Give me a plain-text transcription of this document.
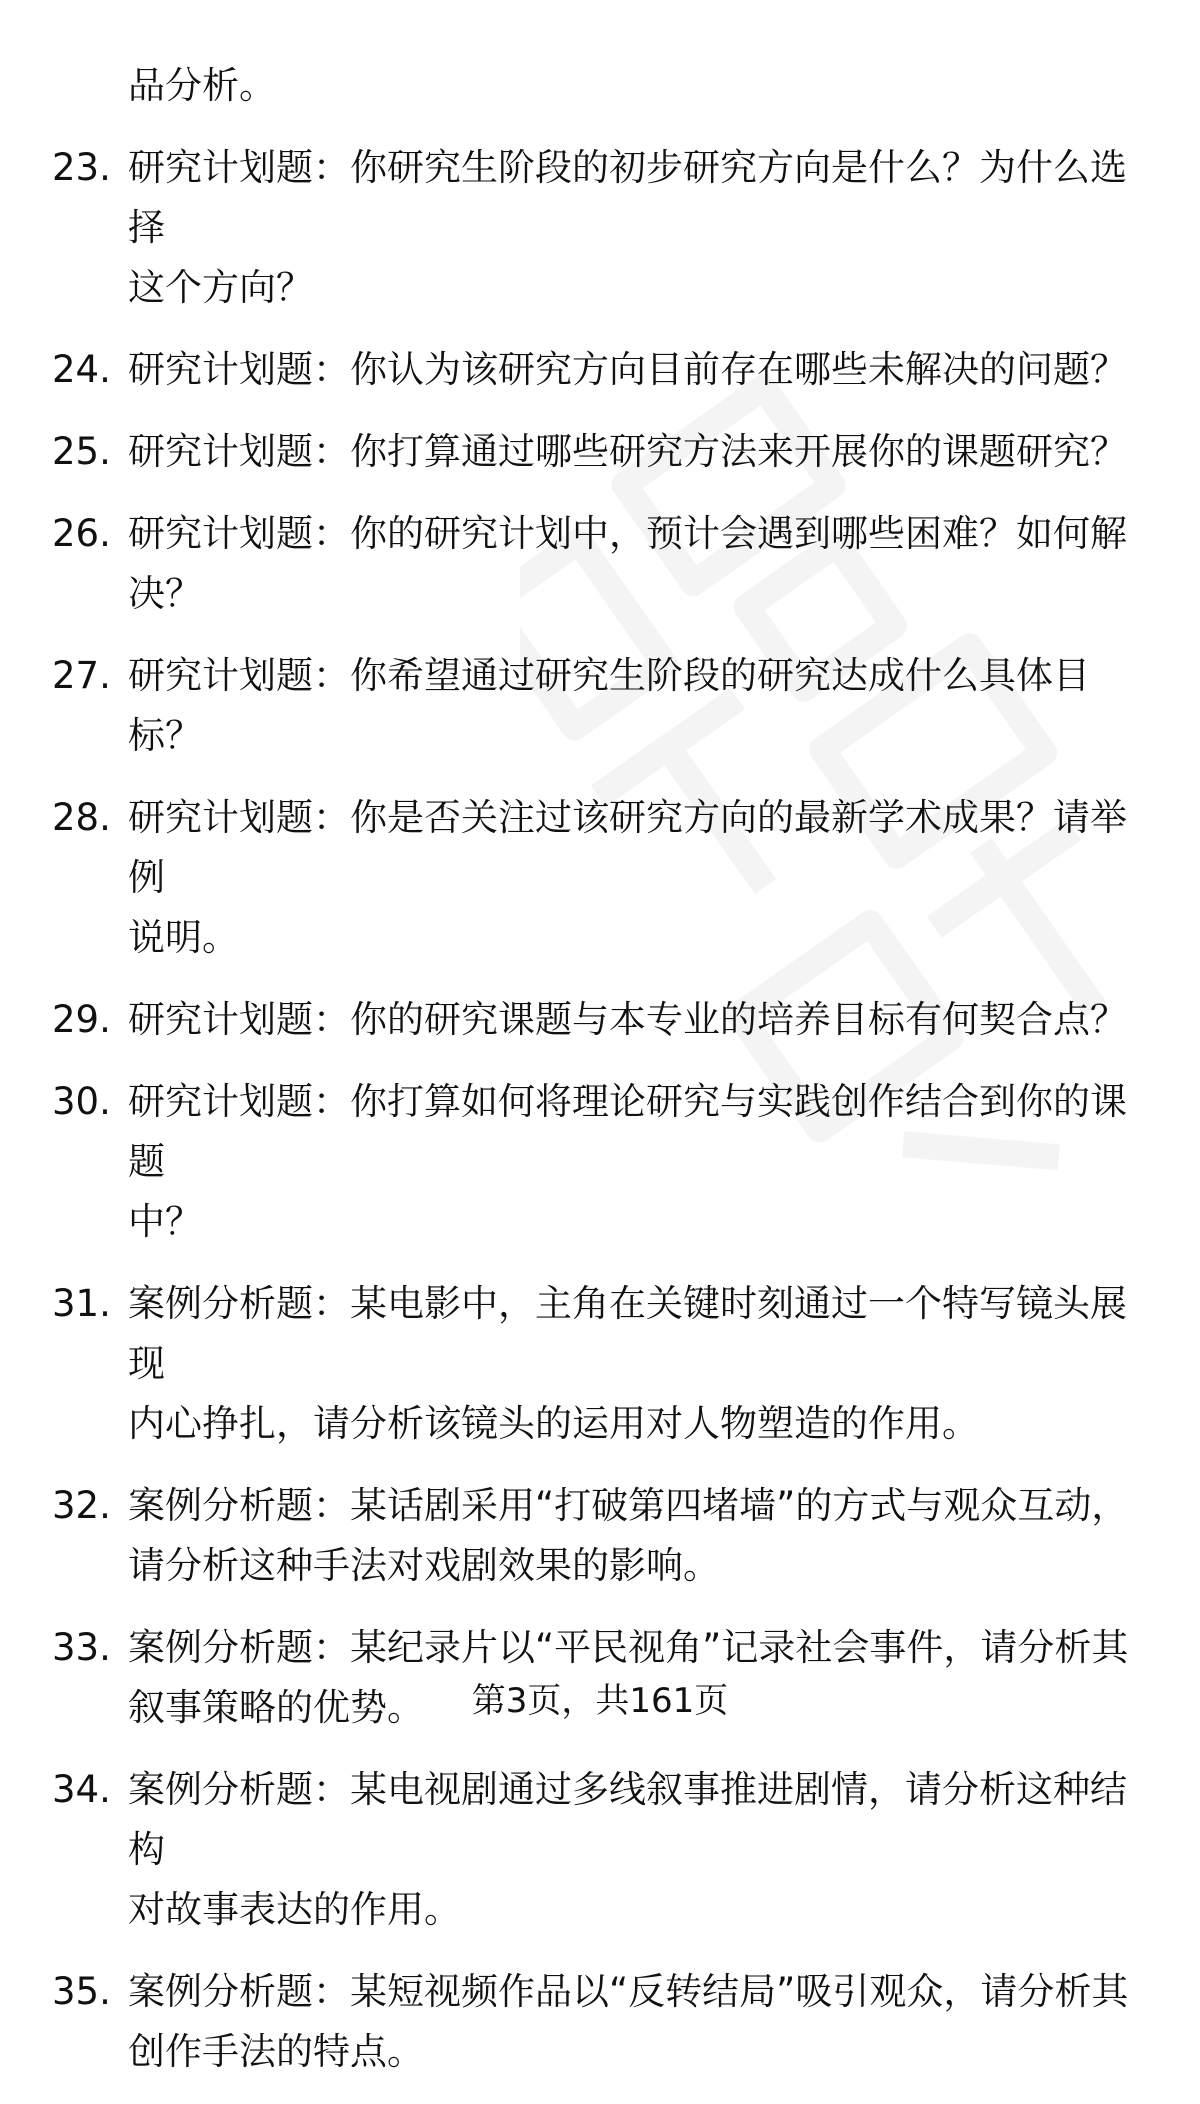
品分析。
23. 研究计划题：你研究生阶段的初步研究方向是什么？为什么选择
这个方向？
24. 研究计划题：你认为该研究方向目前存在哪些未解决的问题？
25. 研究计划题：你打算通过哪些研究方法来开展你的课题研究？
26. 研究计划题：你的研究计划中，预计会遇到哪些困难？如何解
决？
27. 研究计划题：你希望通过研究生阶段的研究达成什么具体目标？
28. 研究计划题：你是否关注过该研究方向的最新学术成果？请举例
说明。
29. 研究计划题：你的研究课题与本专业的培养目标有何契合点？
30. 研究计划题：你打算如何将理论研究与实践创作结合到你的课题
中？
31. 案例分析题：某电影中，主角在关键时刻通过一个特写镜头展现
内心挣扎，请分析该镜头的运用对人物塑造的作用。
32. 案例分析题：某话剧采用“打破第四堵墙”的方式与观众互动，
请分析这种手法对戏剧效果的影响。
33. 案例分析题：某纪录片以“平民视角”记录社会事件，请分析其
叙事策略的优势。
34. 案例分析题：某电视剧通过多线叙事推进剧情，请分析这种结构
对故事表达的作用。
35. 案例分析题：某短视频作品以“反转结局”吸引观众，请分析其
创作手法的特点。
第3页，共161页
